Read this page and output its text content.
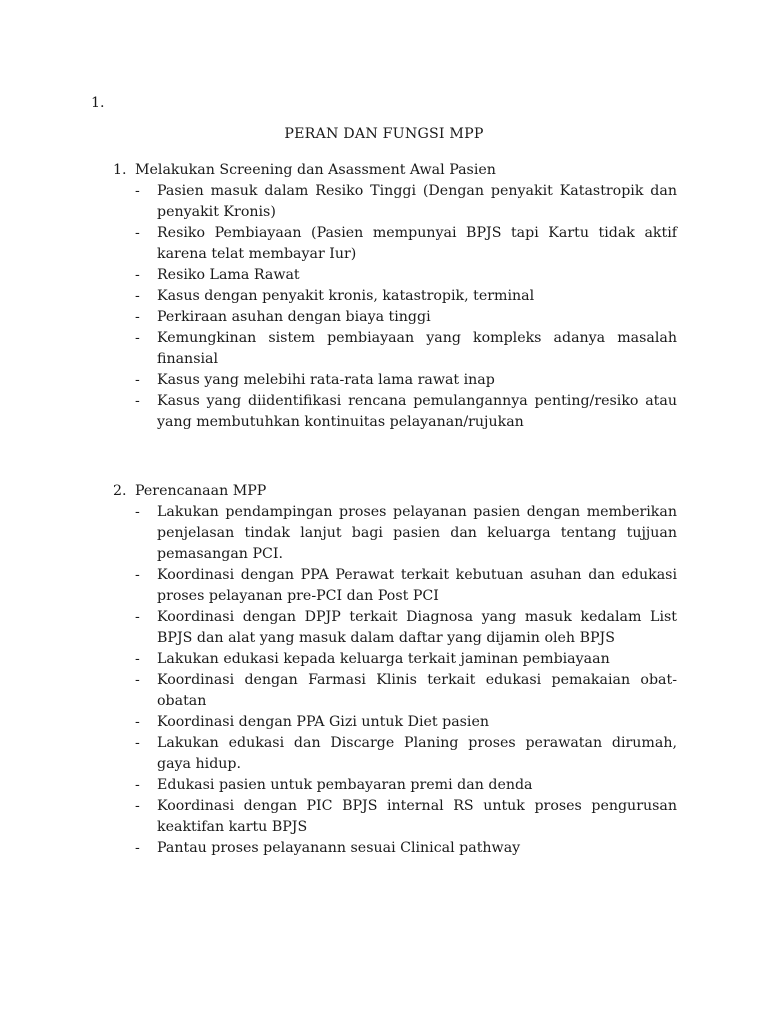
1.

PERAN DAN FUNGSI MPP

1. Melakukan Screening dan Asassment Awal Pasien

-	Pasien masuk dalam Resiko Tinggi (Dengan penyakit Katastropik dan penyakit Kronis)
-	Resiko Pembiayaan (Pasien mempunyai BPJS tapi Kartu tidak aktif karena telat membayar Iur)
-	Resiko Lama Rawat
-	Kasus dengan penyakit kronis, katastropik, terminal
-	Perkiraan asuhan dengan biaya tinggi
-	Kemungkinan sistem pembiayaan yang kompleks adanya masalah finansial
-	Kasus yang melebihi rata-rata lama rawat inap
-	Kasus yang diidentifikasi rencana pemulangannya penting/resiko atau yang membutuhkan kontinuitas pelayanan/rujukan

2. Perencanaan MPP

-	Lakukan pendampingan proses pelayanan pasien dengan memberikan penjelasan tindak lanjut bagi pasien dan keluarga tentang tujjuan pemasangan PCI.
-	Koordinasi dengan PPA Perawat terkait kebutuan asuhan dan edukasi proses pelayanan pre-PCI dan Post PCI
-	Koordinasi dengan DPJP terkait Diagnosa yang masuk kedalam List BPJS dan alat yang masuk dalam daftar yang dijamin oleh BPJS
-	Lakukan edukasi kepada keluarga terkait jaminan pembiayaan
-	Koordinasi dengan Farmasi Klinis terkait edukasi pemakaian obat-obatan
-	Koordinasi dengan PPA Gizi untuk Diet pasien
-	Lakukan edukasi dan Discarge Planing proses perawatan dirumah, gaya hidup.
-	Edukasi pasien untuk pembayaran premi dan denda
-	Koordinasi dengan PIC BPJS internal RS untuk proses pengurusan keaktifan kartu BPJS
-	Pantau proses pelayanann sesuai Clinical pathway
